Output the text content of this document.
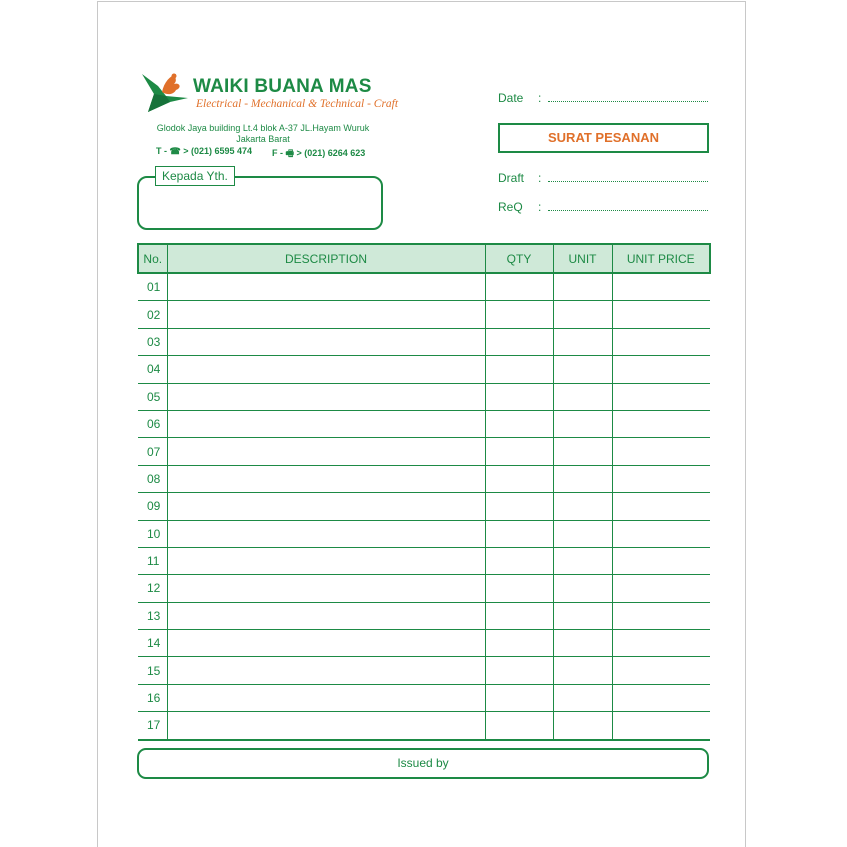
WAIKI BUANA MAS
Electrical - Mechanical & Technical - Craft
Glodok Jaya building Lt.4 blok A-37 JL.Hayam Wuruk
Jakarta Barat
T - ☎ > (021) 6595 474 F - 🖷 > (021) 6264 623
Kepada Yth.
Date :
SURAT PESANAN
Draft :
ReQ :
No.	DESCRIPTION	QTY	UNIT	UNIT PRICE
01				
02				
03				
04				
05				
06				
07				
08				
09				
10				
11				
12				
13				
14				
15				
16				
17				
Issued by
